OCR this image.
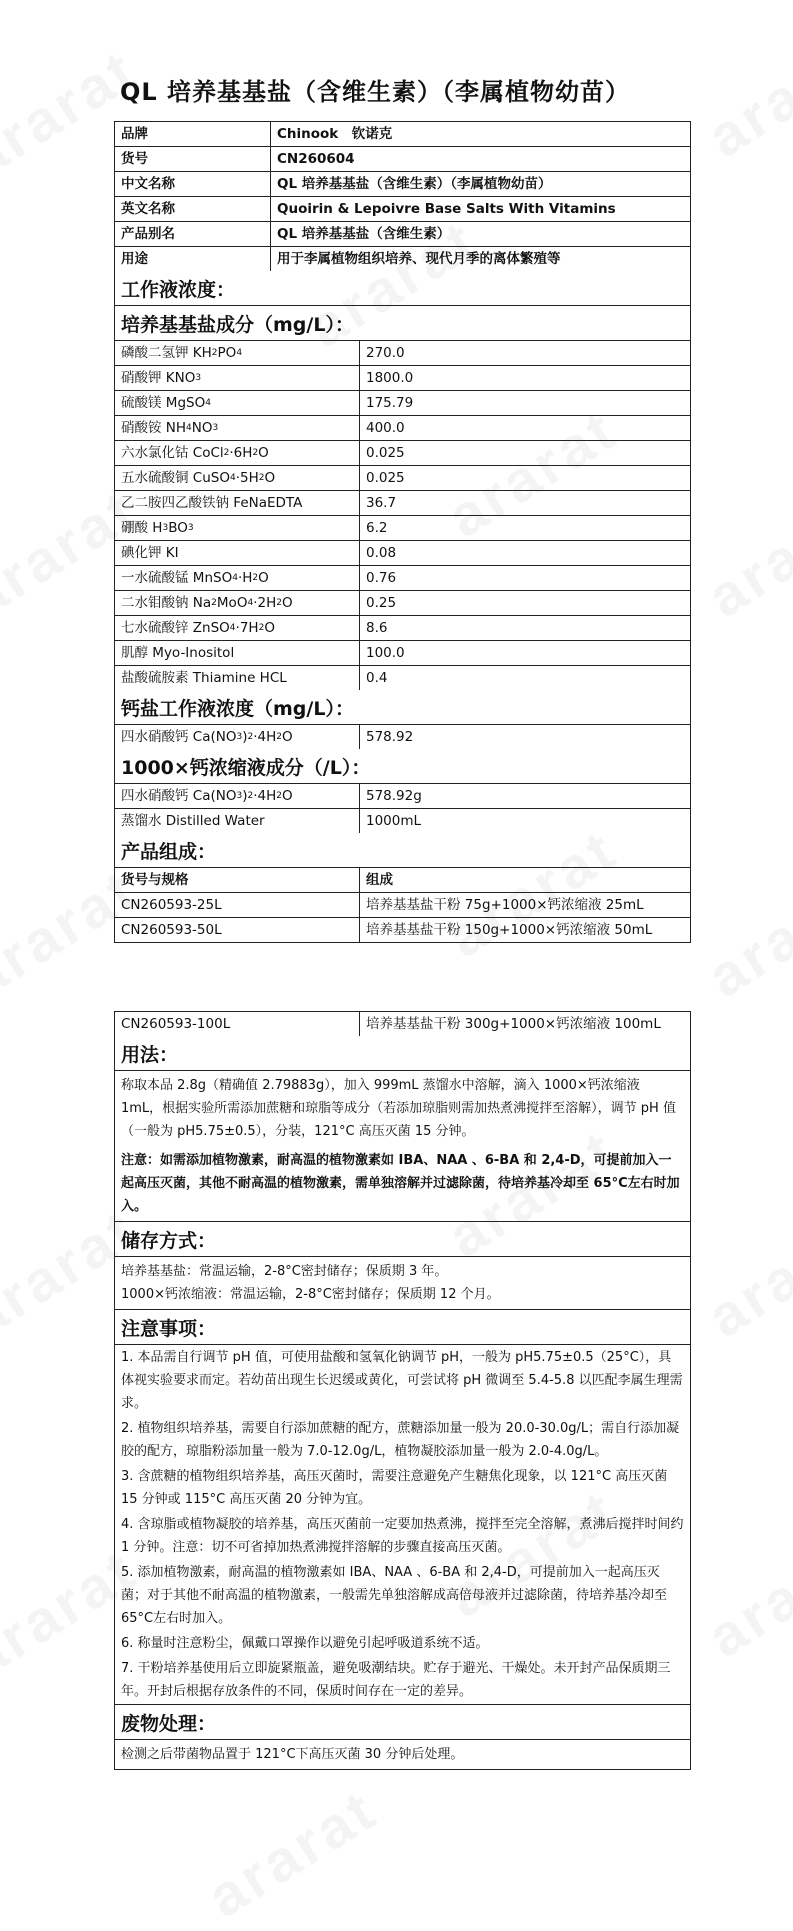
QL 培养基基盐（含维生素）（李属植物幼苗）
品牌	Chinook　钦诺克
货号	CN260604
中文名称	QL 培养基基盐（含维生素）（李属植物幼苗）
英文名称	Quoirin & Lepoivre Base Salts With Vitamins
产品别名	QL 培养基基盐（含维生素）
用途	用于李属植物组织培养、现代月季的离体繁殖等
工作液浓度：
培养基基盐成分（mg/L）：
磷酸二氢钾 KH 2 PO 4	270.0
硝酸钾 KNO 3	1800.0
硫酸镁 MgSO 4	175.79
硝酸铵 NH 4 NO 3	400.0
六水氯化钴 CoCl 2 ·6H 2 O	0.025
五水硫酸铜 CuSO 4 ·5H 2 O	0.025
乙二胺四乙酸铁钠 FeNaEDTA	36.7
硼酸 H 3 BO 3	6.2
碘化钾 KI	0.08
一水硫酸锰 MnSO 4 ·H 2 O	0.76
二水钼酸钠 Na 2 MoO 4 ·2H 2 O	0.25
七水硫酸锌 ZnSO 4 ·7H 2 O	8.6
肌醇 Myo-Inositol	100.0
盐酸硫胺素 Thiamine HCL	0.4
钙盐工作液浓度（mg/L）：
四水硝酸钙 Ca(NO 3 ) 2 ·4H 2 O	578.92
1000×钙浓缩液成分（/L）：
四水硝酸钙 Ca(NO 3 ) 2 ·4H 2 O	578.92g
蒸馏水 Distilled Water	1000mL
产品组成：
货号与规格	组成
CN260593-25L	培养基基盐干粉 75g+1000×钙浓缩液 25mL
CN260593-50L	培养基基盐干粉 150g+1000×钙浓缩液 50mL
CN260593-100L	培养基基盐干粉 300g+1000×钙浓缩液 100mL
用法：
称取本品 2.8g（精确值 2.79883g），加入 999mL 蒸馏水中溶解，滴入 1000×钙浓缩液 1mL，根据实验所需添加蔗糖和琼脂等成分（若添加琼脂则需加热煮沸搅拌至溶解），调节 pH 值（一般为 pH5.75±0.5），分装，121°C 高压灭菌 15 分钟。
注意：如需添加植物激素，耐高温的植物激素如 IBA、NAA 、6-BA 和 2,4-D，可提前加入一起高压灭菌，其他不耐高温的植物激素，需单独溶解并过滤除菌，待培养基冷却至 65°C左右时加入。
储存方式：
培养基基盐：常温运输，2-8°C密封储存；保质期 3 年。
1000×钙浓缩液：常温运输，2-8°C密封储存；保质期 12 个月。
注意事项：
1. 本品需自行调节 pH 值，可使用盐酸和氢氧化钠调节 pH，一般为 pH5.75±0.5（25°C），具体视实验要求而定。若幼苗出现生长迟缓或黄化，可尝试将 pH 微调至 5.4-5.8 以匹配李属生理需求。
2. 植物组织培养基，需要自行添加蔗糖的配方，蔗糖添加量一般为 20.0-30.0g/L；需自行添加凝胶的配方，琼脂粉添加量一般为 7.0-12.0g/L，植物凝胶添加量一般为 2.0-4.0g/L。
3. 含蔗糖的植物组织培养基，高压灭菌时，需要注意避免产生糖焦化现象，以 121°C 高压灭菌 15 分钟或 115°C 高压灭菌 20 分钟为宜。
4. 含琼脂或植物凝胶的培养基，高压灭菌前一定要加热煮沸，搅拌至完全溶解，煮沸后搅拌时间约 1 分钟。注意：切不可省掉加热煮沸搅拌溶解的步骤直接高压灭菌。
5. 添加植物激素，耐高温的植物激素如 IBA、NAA 、6-BA 和 2,4-D，可提前加入一起高压灭菌；对于其他不耐高温的植物激素，一般需先单独溶解成高倍母液并过滤除菌，待培养基冷却至 65°C左右时加入。
6. 称量时注意粉尘，佩戴口罩操作以避免引起呼吸道系统不适。
7. 干粉培养基使用后立即旋紧瓶盖，避免吸潮结块。贮存于避光、干燥处。未开封产品保质期三年。开封后根据存放条件的不同，保质时间存在一定的差异。
废物处理：
检测之后带菌物品置于 121°C下高压灭菌 30 分钟后处理。
